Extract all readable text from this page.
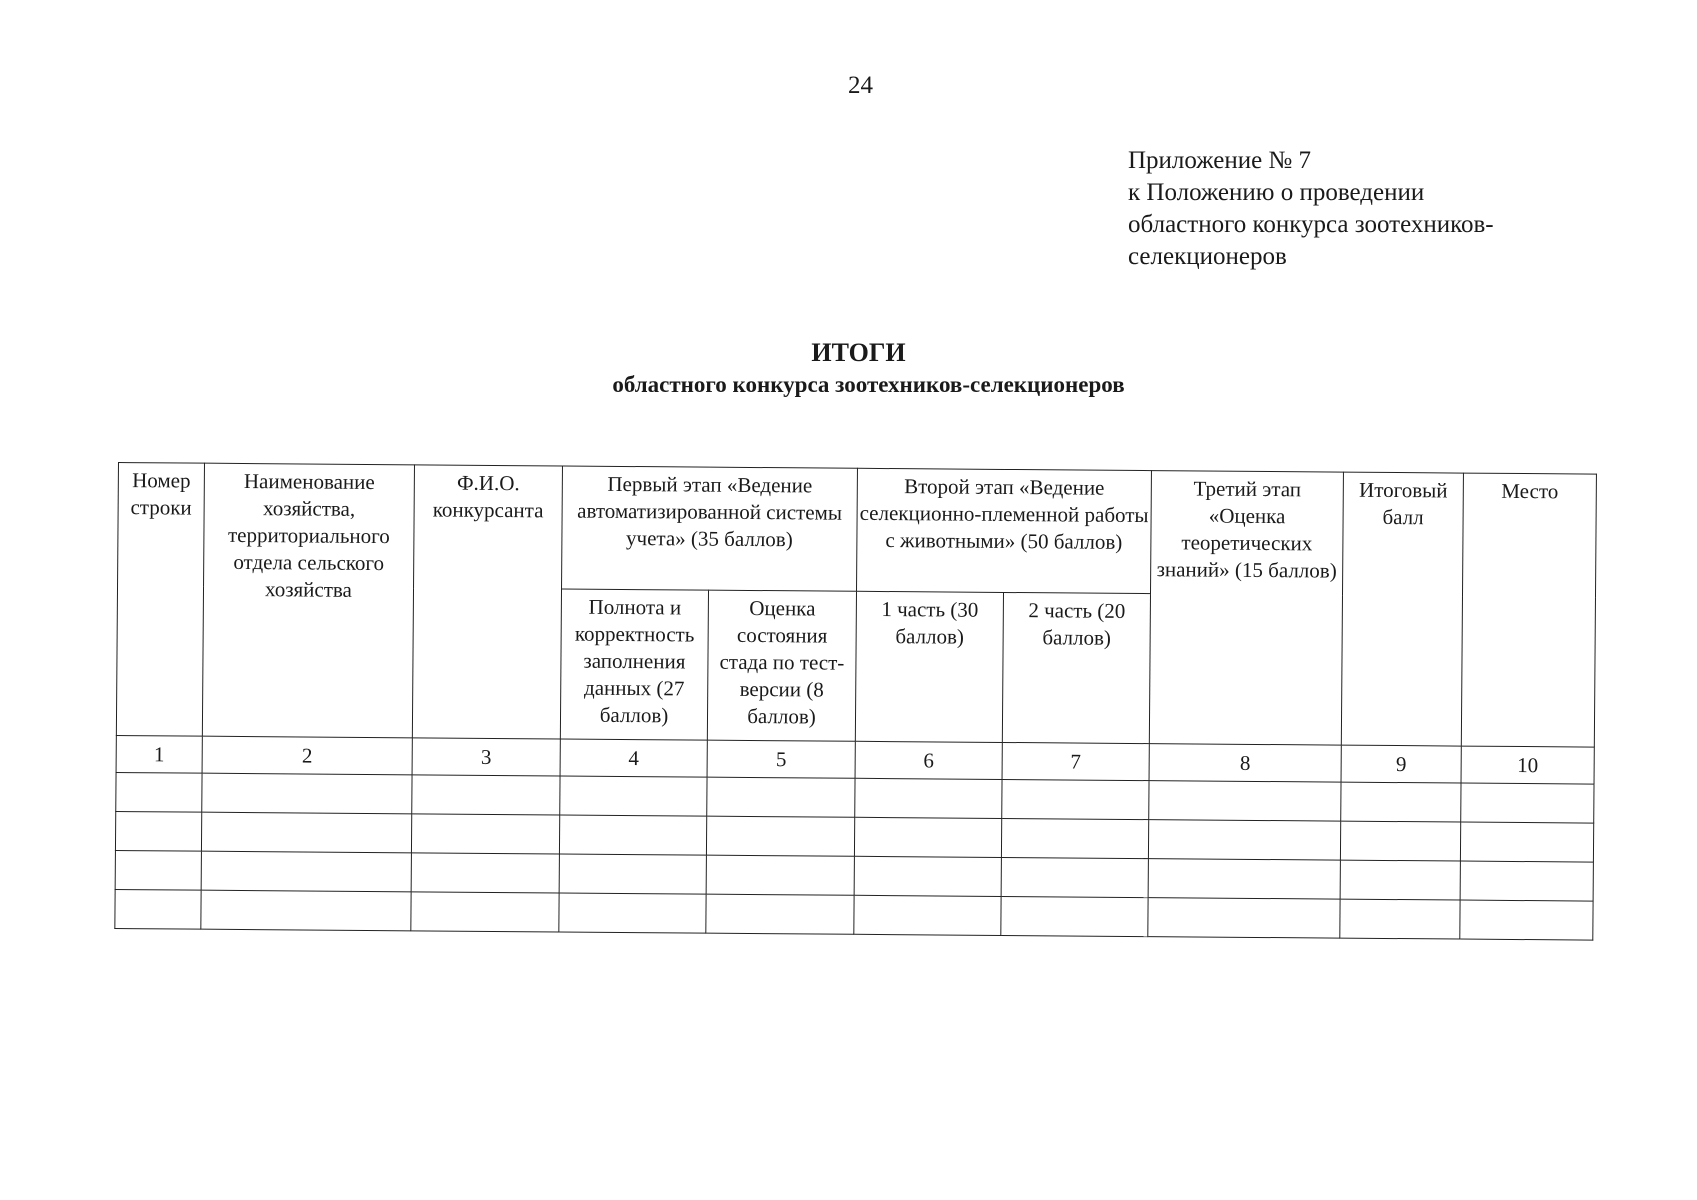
24
Приложение № 7
к Положению о проведении
областного конкурса зоотехников-
селекционеров
ИТОГИ
областного конкурса зоотехников-селекционеров
Номер строки	Наименование хозяйства, территориального отдела сельского хозяйства	Ф.И.О. конкурсанта	Первый этап «Ведение автоматизированной системы учета» (35 баллов)		Второй этап «Ведение селекционно-племенной работы с животными» (50 баллов)		Третий этап «Оценка теоретических знаний» (15 баллов)	Итоговый балл	Место
			Полнота и корректность заполнения данных (27 баллов)	Оценка состояния стада по тест-версии (8 баллов)	1 часть (30 баллов)	2 часть (20 баллов)			
1	2	3	4	5	6	7	8	9	10
